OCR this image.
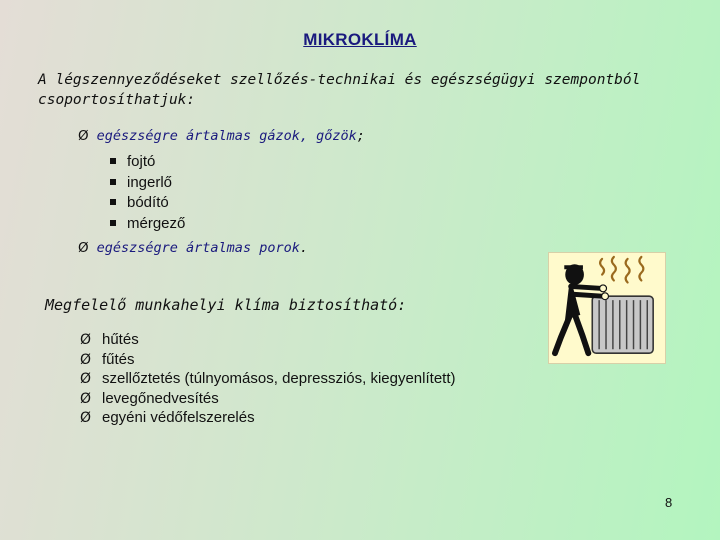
MIKROKLÍMA
A légszennyeződéseket szellőzés-technikai és egészségügyi szempontból csoportosíthatjuk:
Ø egészségre ártalmas gázok, gőzök;
fojtó
ingerlő
bódító
mérgező
Ø egészségre ártalmas porok.
Megfelelő munkahelyi klíma biztosítható:
Ø hűtés
Ø fűtés
Ø szellőztetés (túlnyomásos, depressziós, kiegyenlített)
Ø levegőnedvesítés
Ø egyéni védőfelszerelés
8
